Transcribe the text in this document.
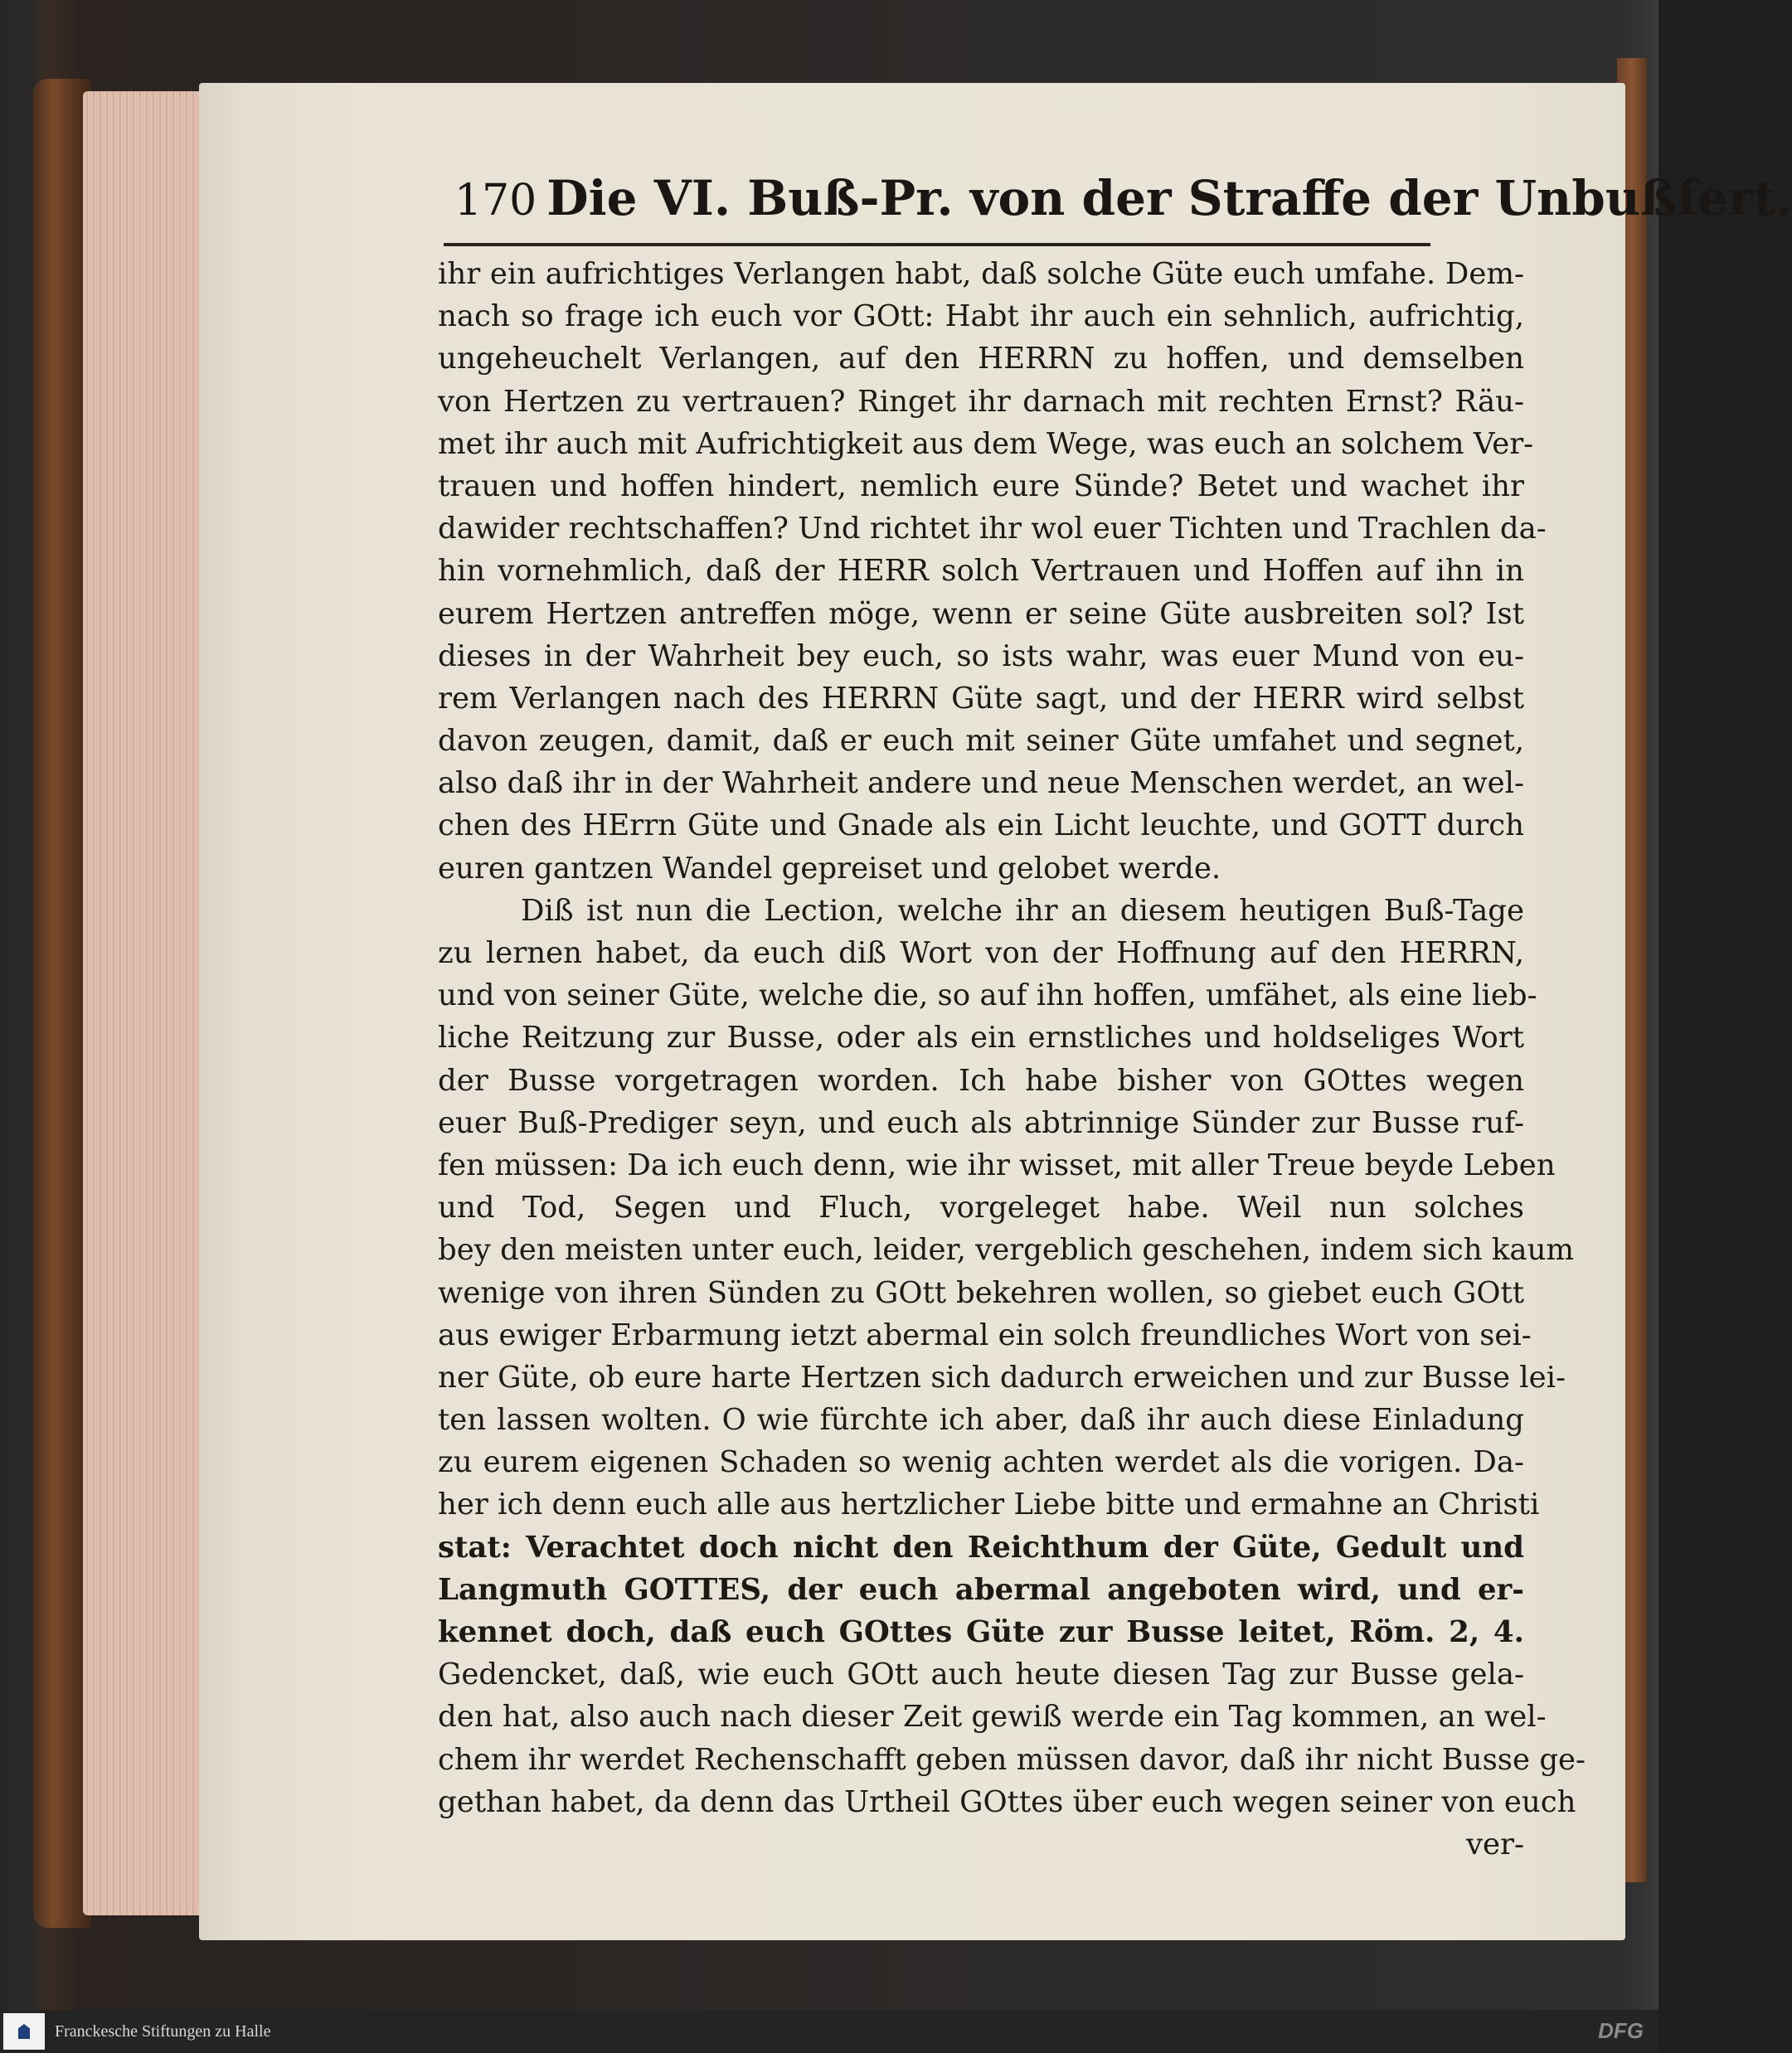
170 Die VI. Buß-Pr. von der Straffe der Unbußfert.
ihr ein aufrichtiges Verlangen habt, daß solche Güte euch umfahe. Dem-
nach so frage ich euch vor GOtt: Habt ihr auch ein sehnlich, aufrichtig,
ungeheuchelt Verlangen, auf den HERRN zu hoffen, und demselben
von Hertzen zu vertrauen? Ringet ihr darnach mit rechten Ernst? Räu-
met ihr auch mit Aufrichtigkeit aus dem Wege, was euch an solchem Ver-
trauen und hoffen hindert, nemlich eure Sünde? Betet und wachet ihr
dawider rechtschaffen? Und richtet ihr wol euer Tichten und Trachlen da-
hin vornehmlich, daß der HERR solch Vertrauen und Hoffen auf ihn in
eurem Hertzen antreffen möge, wenn er seine Güte ausbreiten sol? Ist
dieses in der Wahrheit bey euch, so ists wahr, was euer Mund von eu-
rem Verlangen nach des HERRN Güte sagt, und der HERR wird selbst
davon zeugen, damit, daß er euch mit seiner Güte umfahet und segnet,
also daß ihr in der Wahrheit andere und neue Menschen werdet, an wel-
chen des HErrn Güte und Gnade als ein Licht leuchte, und GOTT durch
euren gantzen Wandel gepreiset und gelobet werde.
Diß ist nun die Lection, welche ihr an diesem heutigen Buß-Tage
zu lernen habet, da euch diß Wort von der Hoffnung auf den HERRN,
und von seiner Güte, welche die, so auf ihn hoffen, umfähet, als eine lieb-
liche Reitzung zur Busse, oder als ein ernstliches und holdseliges Wort
der Busse vorgetragen worden. Ich habe bisher von GOttes wegen
euer Buß-Prediger seyn, und euch als abtrinnige Sünder zur Busse ruf-
fen müssen: Da ich euch denn, wie ihr wisset, mit aller Treue beyde Leben
und Tod, Segen und Fluch, vorgeleget habe. Weil nun solches
bey den meisten unter euch, leider, vergeblich geschehen, indem sich kaum
wenige von ihren Sünden zu GOtt bekehren wollen, so giebet euch GOtt
aus ewiger Erbarmung ietzt abermal ein solch freundliches Wort von sei-
ner Güte, ob eure harte Hertzen sich dadurch erweichen und zur Busse lei-
ten lassen wolten. O wie fürchte ich aber, daß ihr auch diese Einladung
zu eurem eigenen Schaden so wenig achten werdet als die vorigen. Da-
her ich denn euch alle aus hertzlicher Liebe bitte und ermahne an Christi
stat: Verachtet doch nicht den Reichthum der Güte, Gedult und
Langmuth GOTTES, der euch abermal angeboten wird, und er-
kennet doch, daß euch GOttes Güte zur Busse leitet, Röm. 2, 4.
Gedencket, daß, wie euch GOtt auch heute diesen Tag zur Busse gela-
den hat, also auch nach dieser Zeit gewiß werde ein Tag kommen, an wel-
chem ihr werdet Rechenschafft geben müssen davor, daß ihr nicht Busse ge-
gethan habet, da denn das Urtheil GOttes über euch wegen seiner von euch
ver-
Franckesche Stiftungen zu Halle	DFG
